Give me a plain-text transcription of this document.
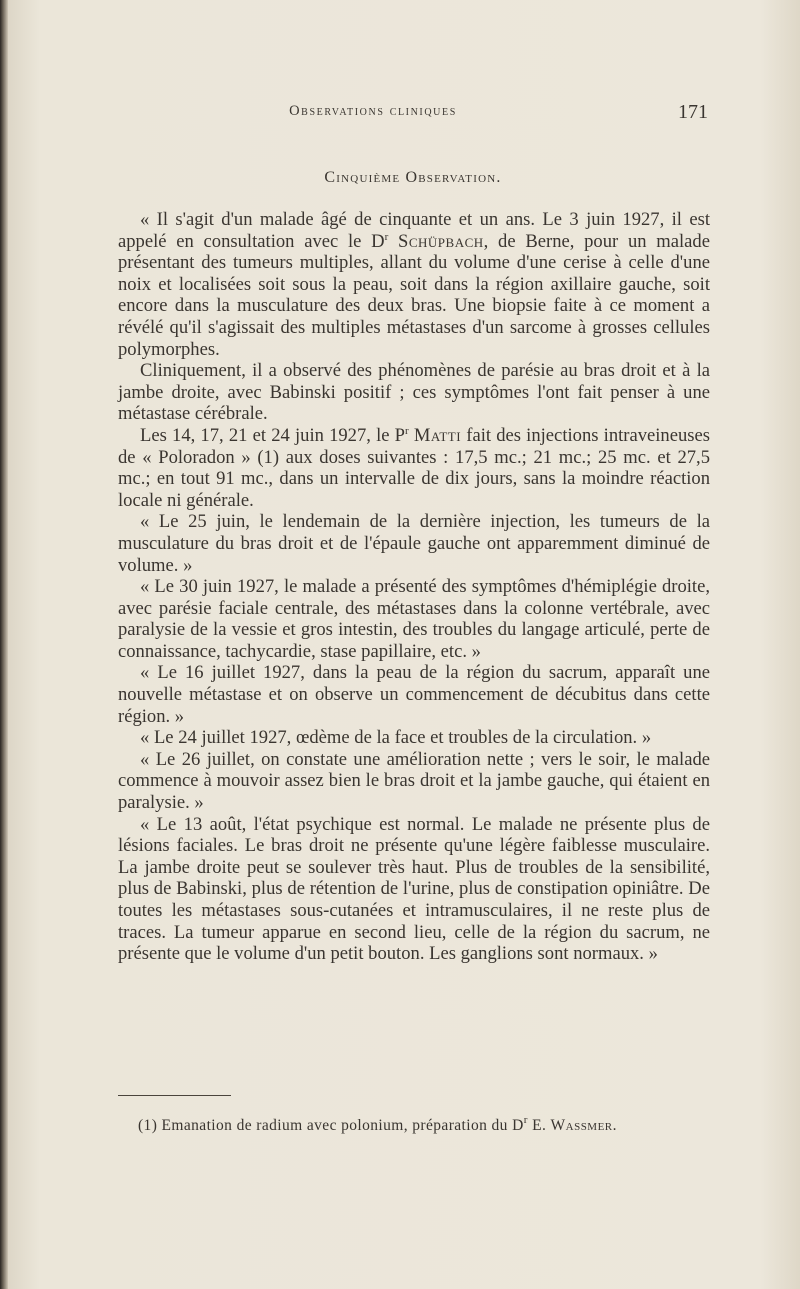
Observations cliniques	171
Cinquième Observation.

« Il s'agit d'un malade âgé de cinquante et un ans. Le 3 juin 1927, il est appelé en consultation avec le $D^r$ Schüpbach, de Berne, pour un malade présentant des tumeurs multiples, allant du volume d'une cerise à celle d'une noix et localisées soit sous la peau, soit dans la région axillaire gauche, soit encore dans la musculature des deux bras. Une biopsie faite à ce moment a révélé qu'il s'agissait des multiples métastases d'un sarcome à grosses cellules polymorphes.

Cliniquement, il a observé des phénomènes de parésie au bras droit et à la jambe droite, avec Babinski positif ; ces symptômes l'ont fait penser à une métastase cérébrale.

Les 14, 17, 21 et 24 juin 1927, le $P^r$ Matti fait des injections intraveineuses de « Poloradon » (1) aux doses suivantes : 17,5 mc.; 21 mc.; 25 mc. et 27,5 mc.; en tout 91 mc., dans un intervalle de dix jours, sans la moindre réaction locale ni générale.

« Le 25 juin, le lendemain de la dernière injection, les tumeurs de la musculature du bras droit et de l'épaule gauche ont apparemment diminué de volume. »

« Le 30 juin 1927, le malade a présenté des symptômes d'hémiplégie droite, avec parésie faciale centrale, des métastases dans la colonne vertébrale, avec paralysie de la vessie et gros intestin, des troubles du langage articulé, perte de connaissance, tachycardie, stase papillaire, etc. »

« Le 16 juillet 1927, dans la peau de la région du sacrum, apparaît une nouvelle métastase et on observe un commencement de décubitus dans cette région. »

« Le 24 juillet 1927, œdème de la face et troubles de la circulation. »

« Le 26 juillet, on constate une amélioration nette ; vers le soir, le malade commence à mouvoir assez bien le bras droit et la jambe gauche, qui étaient en paralysie. »

« Le 13 août, l'état psychique est normal. Le malade ne présente plus de lésions faciales. Le bras droit ne présente qu'une légère faiblesse musculaire. La jambe droite peut se soulever très haut. Plus de troubles de la sensibilité, plus de Babinski, plus de rétention de l'urine, plus de constipation opiniâtre. De toutes les métastases sous-cutanées et intramusculaires, il ne reste plus de traces. La tumeur apparue en second lieu, celle de la région du sacrum, ne présente que le volume d'un petit bouton. Les ganglions sont normaux. »

(1) Emanation de radium avec polonium, préparation du $D^r$ E. Wassmer.
